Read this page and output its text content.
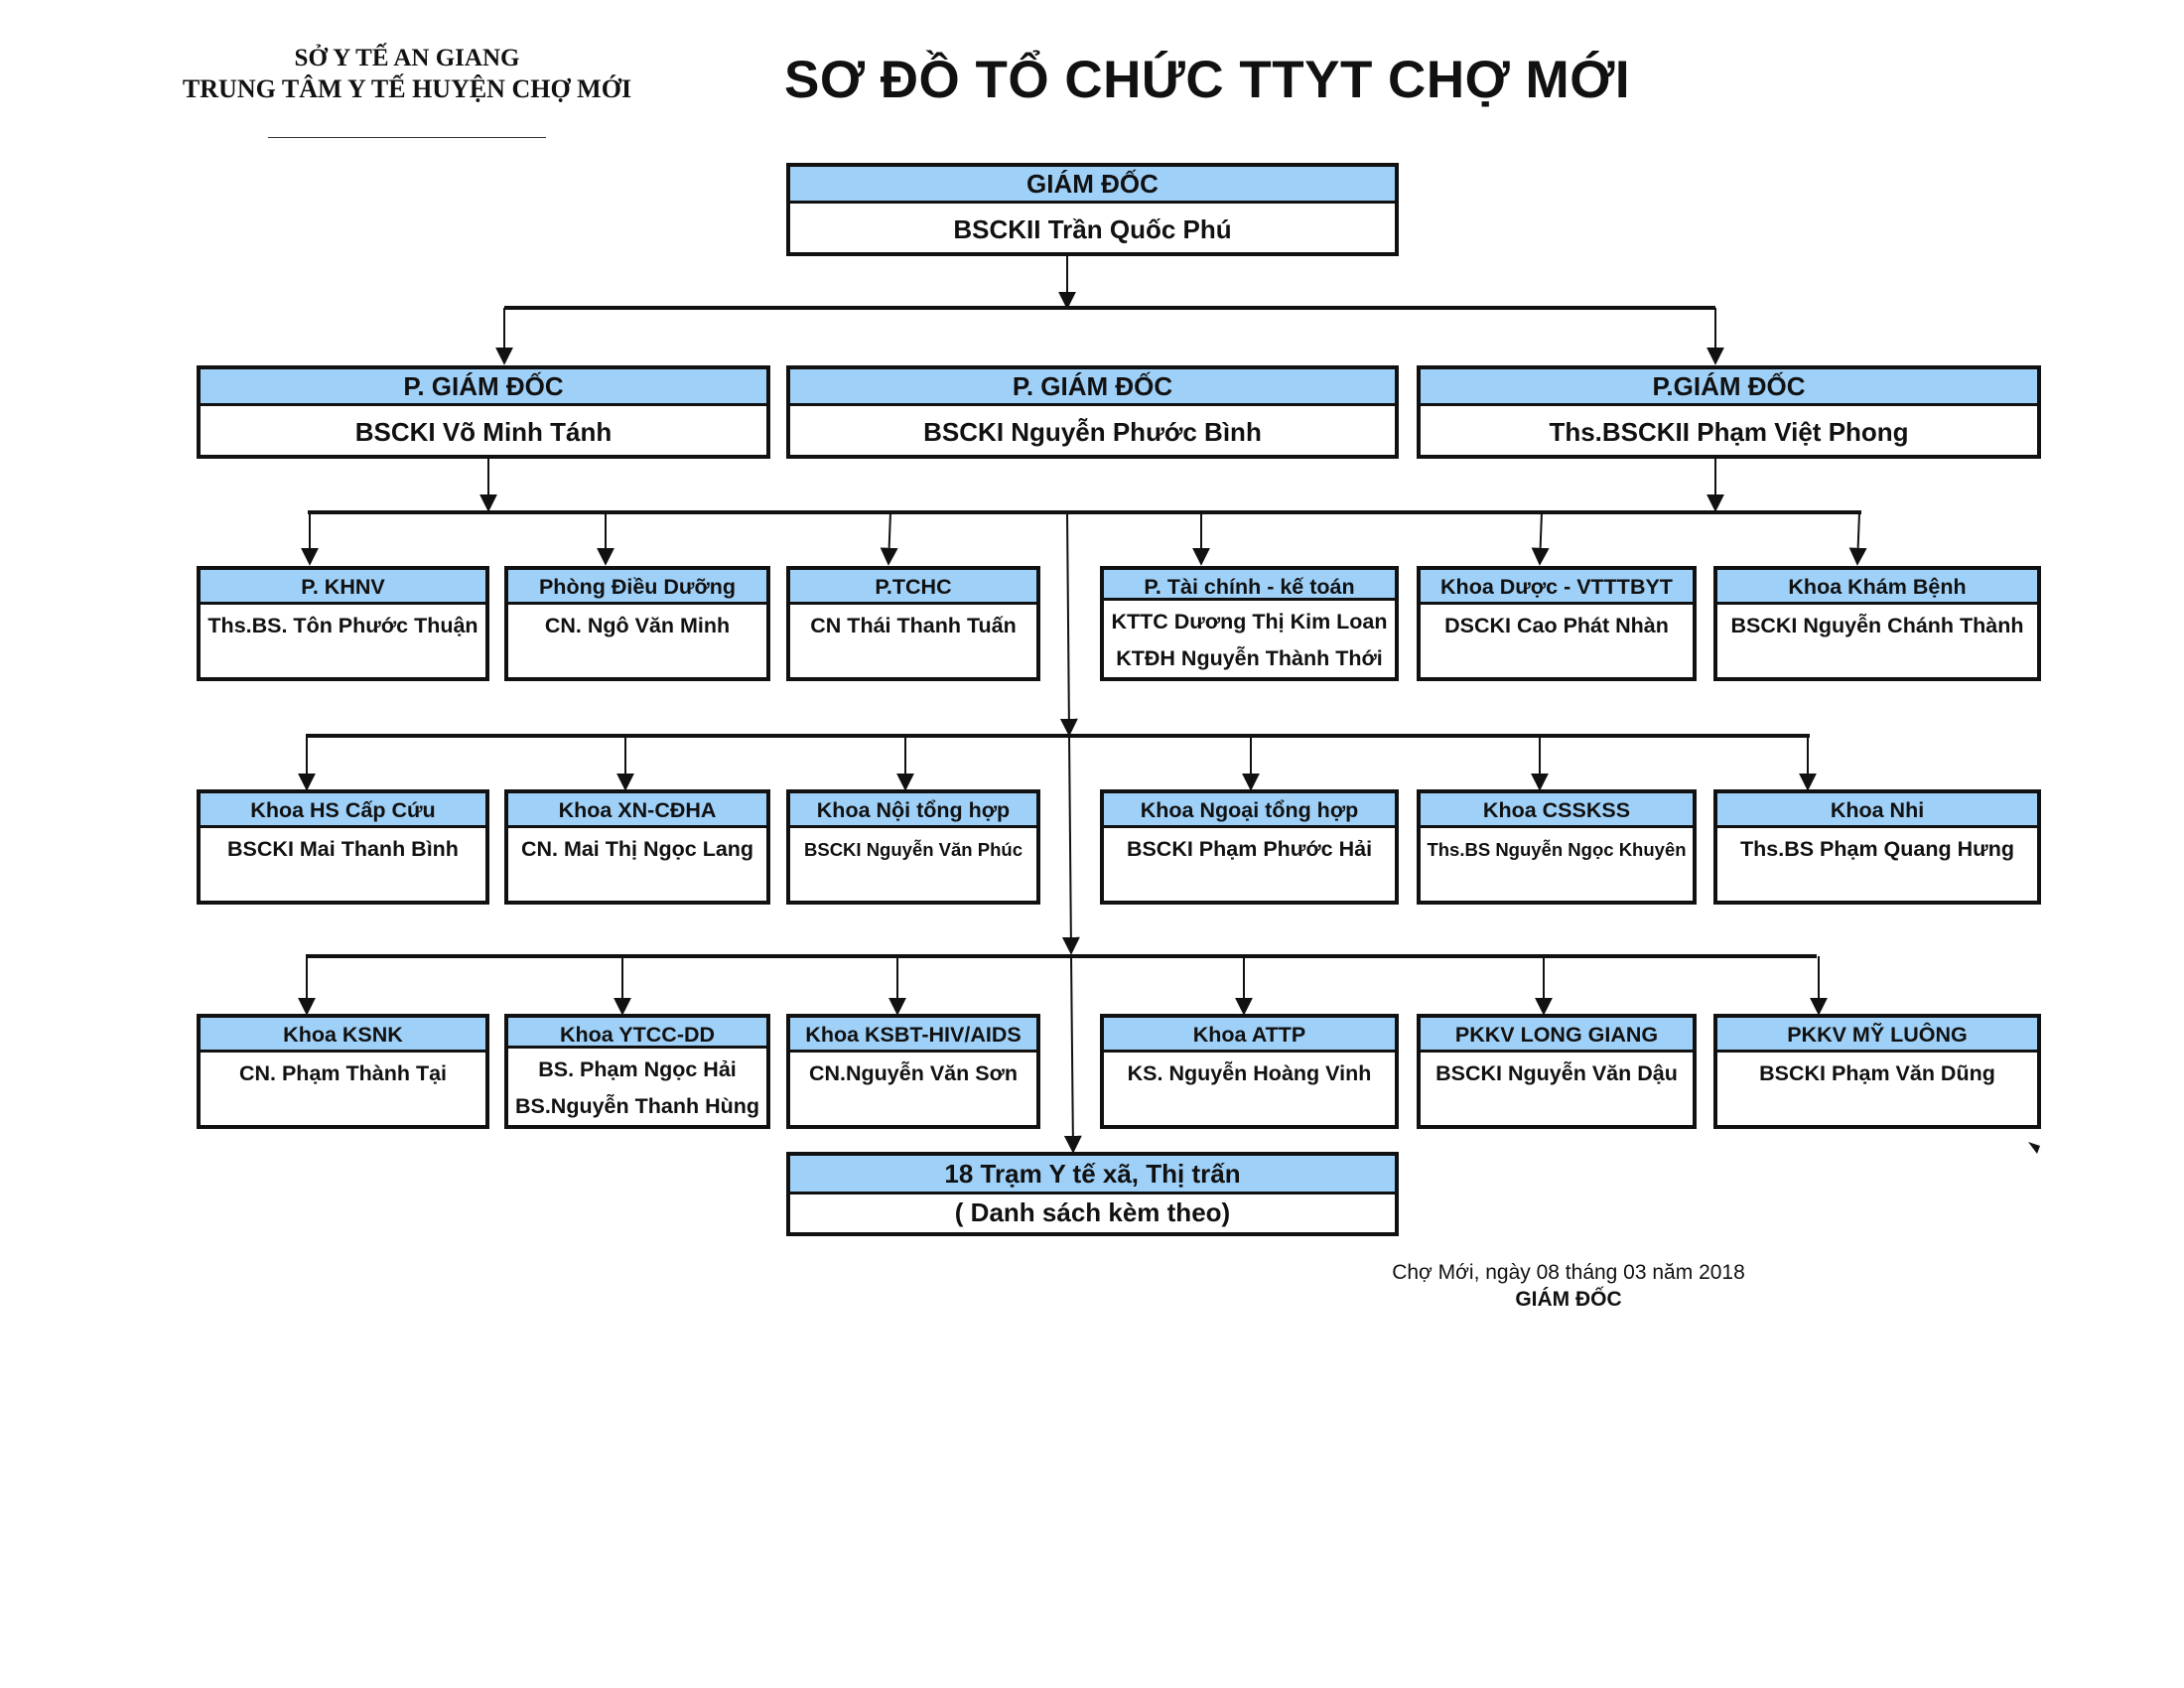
SỞ Y TẾ AN GIANG
TRUNG TÂM Y TẾ HUYỆN CHỢ MỚI	SƠ ĐỒ TỔ CHỨC TTYT CHỢ MỚI
GIÁM ĐỐC
BSCKII Trần Quốc Phú
P. GIÁM ĐỐC
BSCKI Võ Minh Tánh
P. GIÁM ĐỐC
BSCKI Nguyễn Phước Bình
P.GIÁM ĐỐC
Ths.BSCKII Phạm Việt Phong
P. KHNV
Ths.BS. Tôn Phước Thuận
Phòng Điều Dưỡng
CN. Ngô Văn Minh
P.TCHC
CN Thái Thanh Tuấn
P. Tài chính - kế toán
KTTC Dương Thị Kim Loan
KTĐH Nguyễn Thành Thới
Khoa Dược - VTTTBYT
DSCKI Cao Phát Nhàn
Khoa Khám Bệnh
BSCKI Nguyễn Chánh Thành
Khoa HS Cấp Cứu
BSCKI Mai Thanh Bình
Khoa XN-CĐHA
CN. Mai Thị Ngọc Lang
Khoa Nội tổng hợp
BSCKI Nguyễn Văn Phúc
Khoa Ngoại tổng hợp
BSCKI Phạm Phước Hải
Khoa CSSKSS
Ths.BS Nguyễn Ngọc Khuyên
Khoa Nhi
Ths.BS Phạm Quang Hưng
Khoa KSNK
CN. Phạm Thành Tại
Khoa YTCC-DD
BS. Phạm Ngọc Hải
BS.Nguyễn Thanh Hùng
Khoa KSBT-HIV/AIDS
CN.Nguyễn Văn Sơn
Khoa ATTP
KS. Nguyễn Hoàng Vinh
PKKV LONG GIANG
BSCKI Nguyễn Văn Dậu
PKKV MỸ LUÔNG
BSCKI Phạm Văn Dũng
18 Trạm Y tế xã, Thị trấn
( Danh sách kèm theo)
Chợ Mới, ngày 08 tháng 03 năm 2018
GIÁM ĐỐC
